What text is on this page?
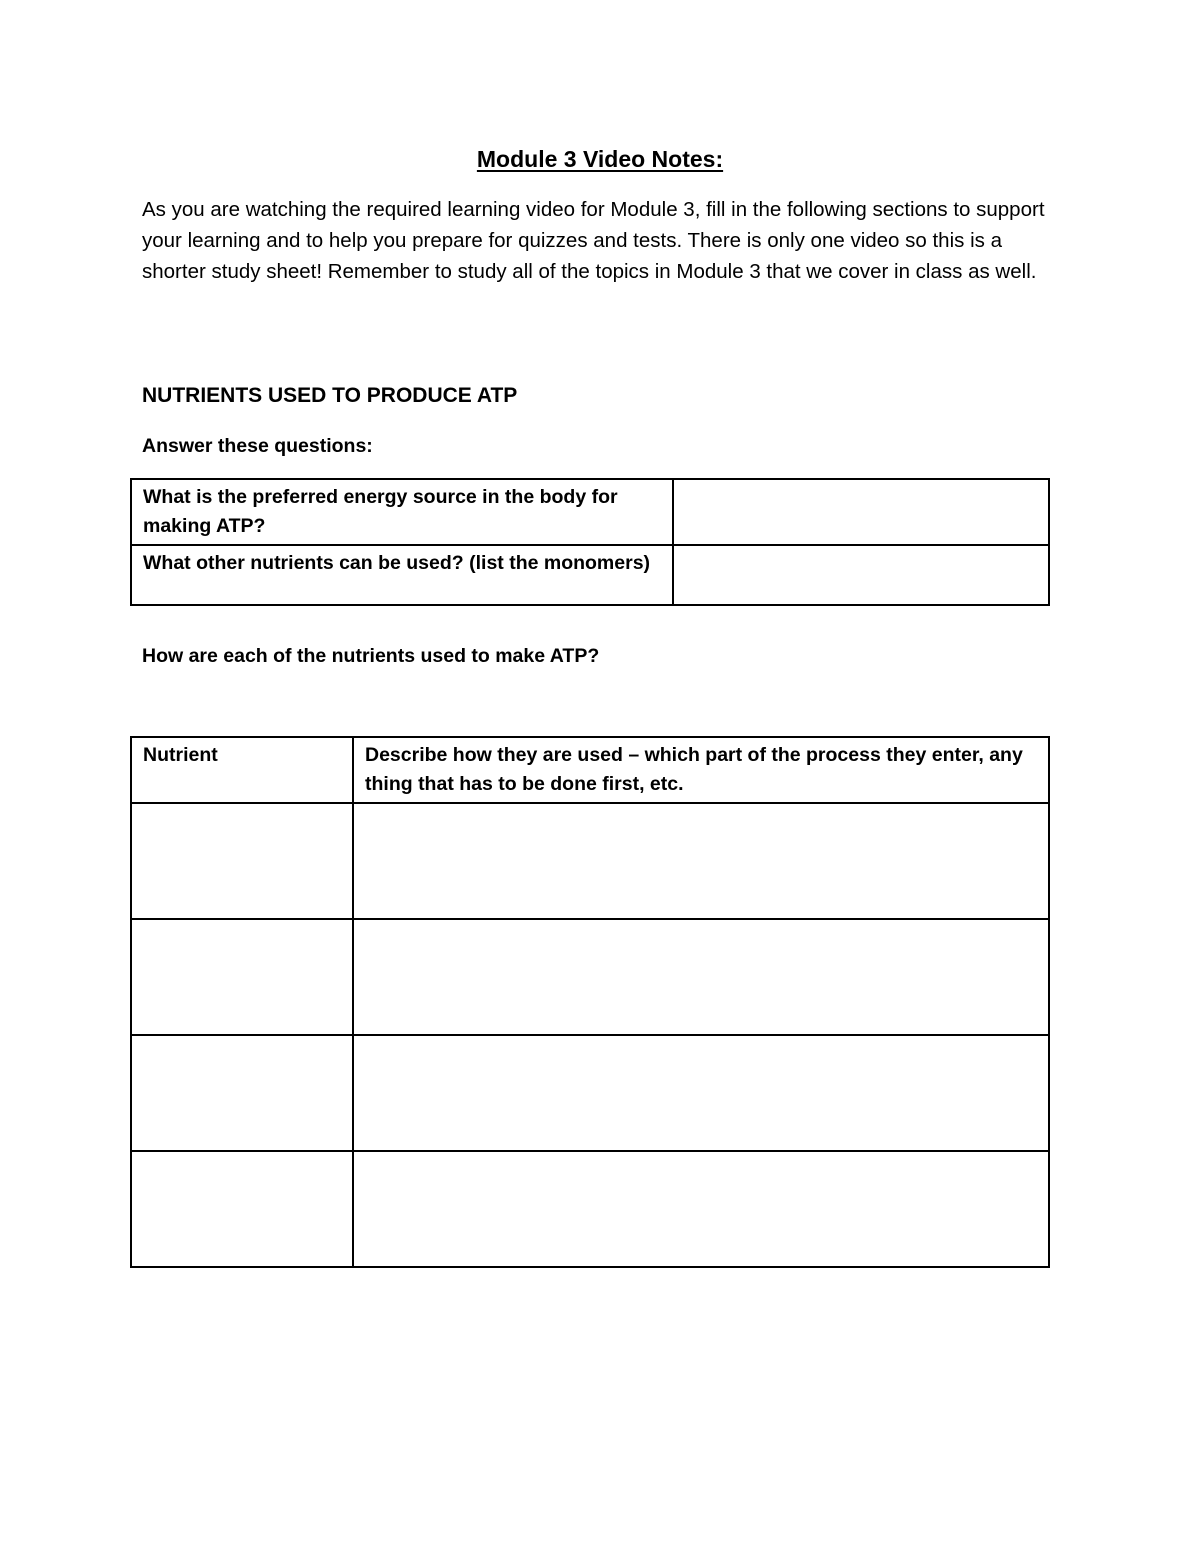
Module 3 Video Notes:

As you are watching the required learning video for Module 3, fill in the following sections to support your learning and to help you prepare for quizzes and tests. There is only one video so this is a shorter study sheet! Remember to study all of the topics in Module 3 that we cover in class as well.

NUTRIENTS USED TO PRODUCE ATP

Answer these questions:

What is the preferred energy source in the body for making ATP?	
What other nutrients can be used? (list the monomers)	

How are each of the nutrients used to make ATP?

Nutrient	Describe how they are used – which part of the process they enter, any thing that has to be done first, etc.
